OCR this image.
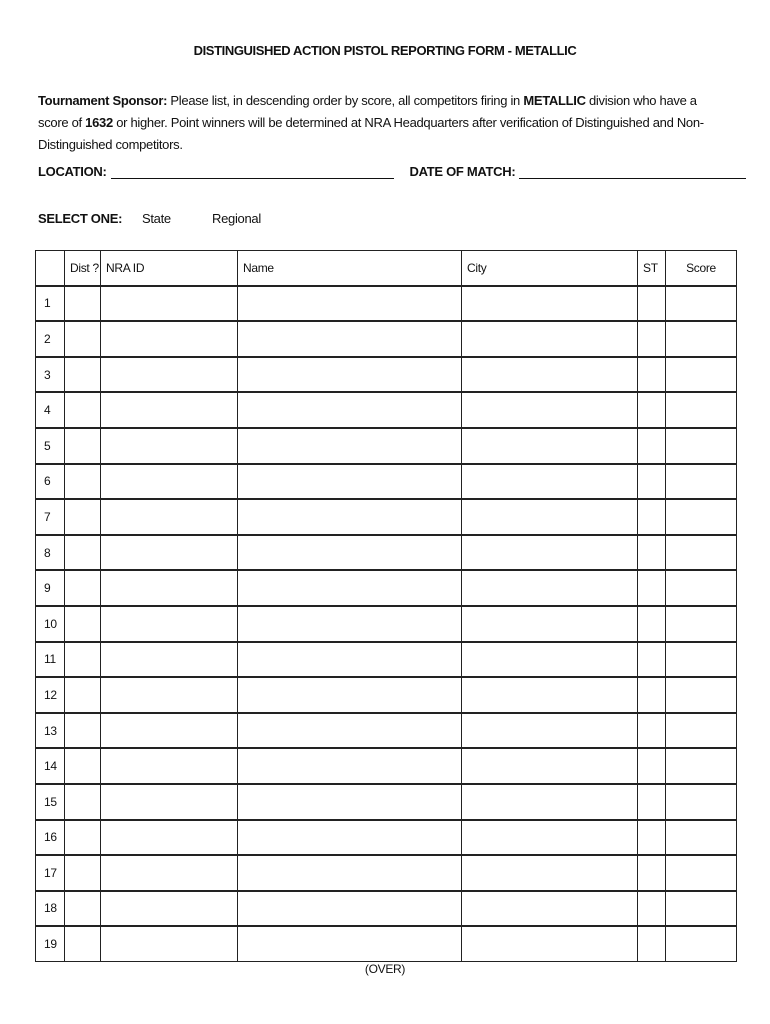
DISTINGUISHED ACTION PISTOL REPORTING FORM - METALLIC
Tournament Sponsor: Please list, in descending order by score, all competitors firing in METALLIC division who have a score of 1632 or higher. Point winners will be determined at NRA Headquarters after verification of Distinguished and Non-Distinguished competitors.
LOCATION:	DATE OF MATCH:
SELECT ONE: State	Regional
	Dist ?	NRA ID	Name	City	ST	Score
1						
2						
3						
4						
5						
6						
7						
8						
9						
10						
11						
12						
13						
14						
15						
16						
17						
18						
19						
(OVER)
